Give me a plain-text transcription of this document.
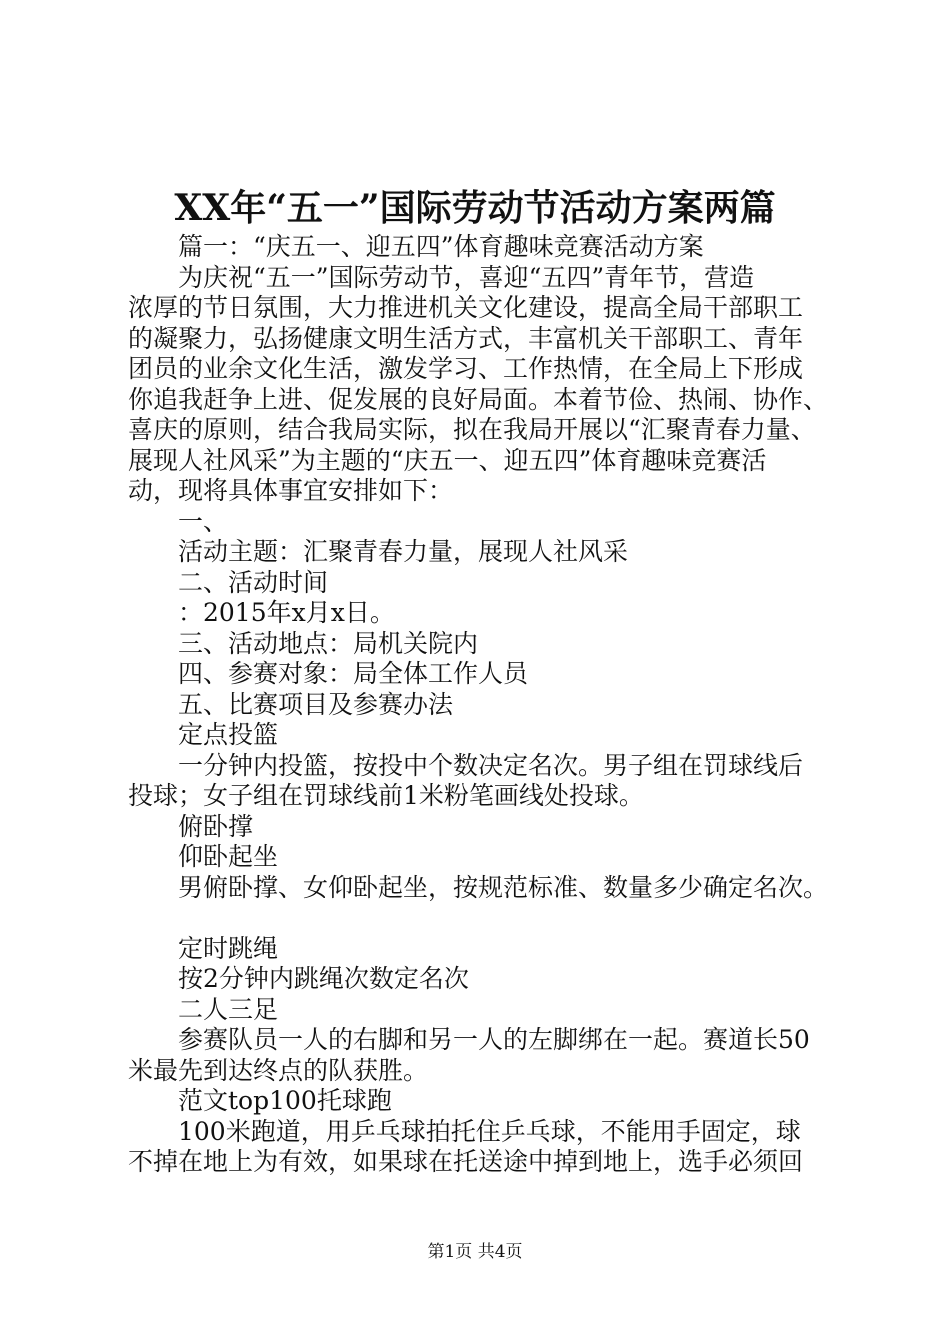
XX年“五一”国际劳动节活动方案两篇

篇一：“庆五一、迎五四”体育趣味竞赛活动方案

为庆祝“五一”国际劳动节，喜迎“五四”青年节，营造

浓厚的节日氛围，大力推进机关文化建设，提高全局干部职工

的凝聚力，弘扬健康文明生活方式，丰富机关干部职工、青年

团员的业余文化生活，激发学习、工作热情，在全局上下形成

你追我赶争上进、促发展的良好局面。本着节俭、热闹、协作、

喜庆的原则，结合我局实际，拟在我局开展以“汇聚青春力量、

展现人社风采”为主题的“庆五一、迎五四”体育趣味竞赛活

动，现将具体事宜安排如下：

一、

活动主题：汇聚青春力量，展现人社风采

二、活动时间

：2015年x月x日。

三、活动地点：局机关院内

四、参赛对象：局全体工作人员

五、比赛项目及参赛办法

定点投篮

一分钟内投篮，按投中个数决定名次。男子组在罚球线后

投球；女子组在罚球线前1米粉笔画线处投球。

俯卧撑

仰卧起坐

男俯卧撑、女仰卧起坐，按规范标准、数量多少确定名次。

定时跳绳

按2分钟内跳绳次数定名次

二人三足

参赛队员一人的右脚和另一人的左脚绑在一起。赛道长50

米最先到达终点的队获胜。

范文top100托球跑

100米跑道，用乒乓球拍托住乒乓球，不能用手固定，球

不掉在地上为有效，如果球在托送途中掉到地上，选手必须回

第1页 共4页
